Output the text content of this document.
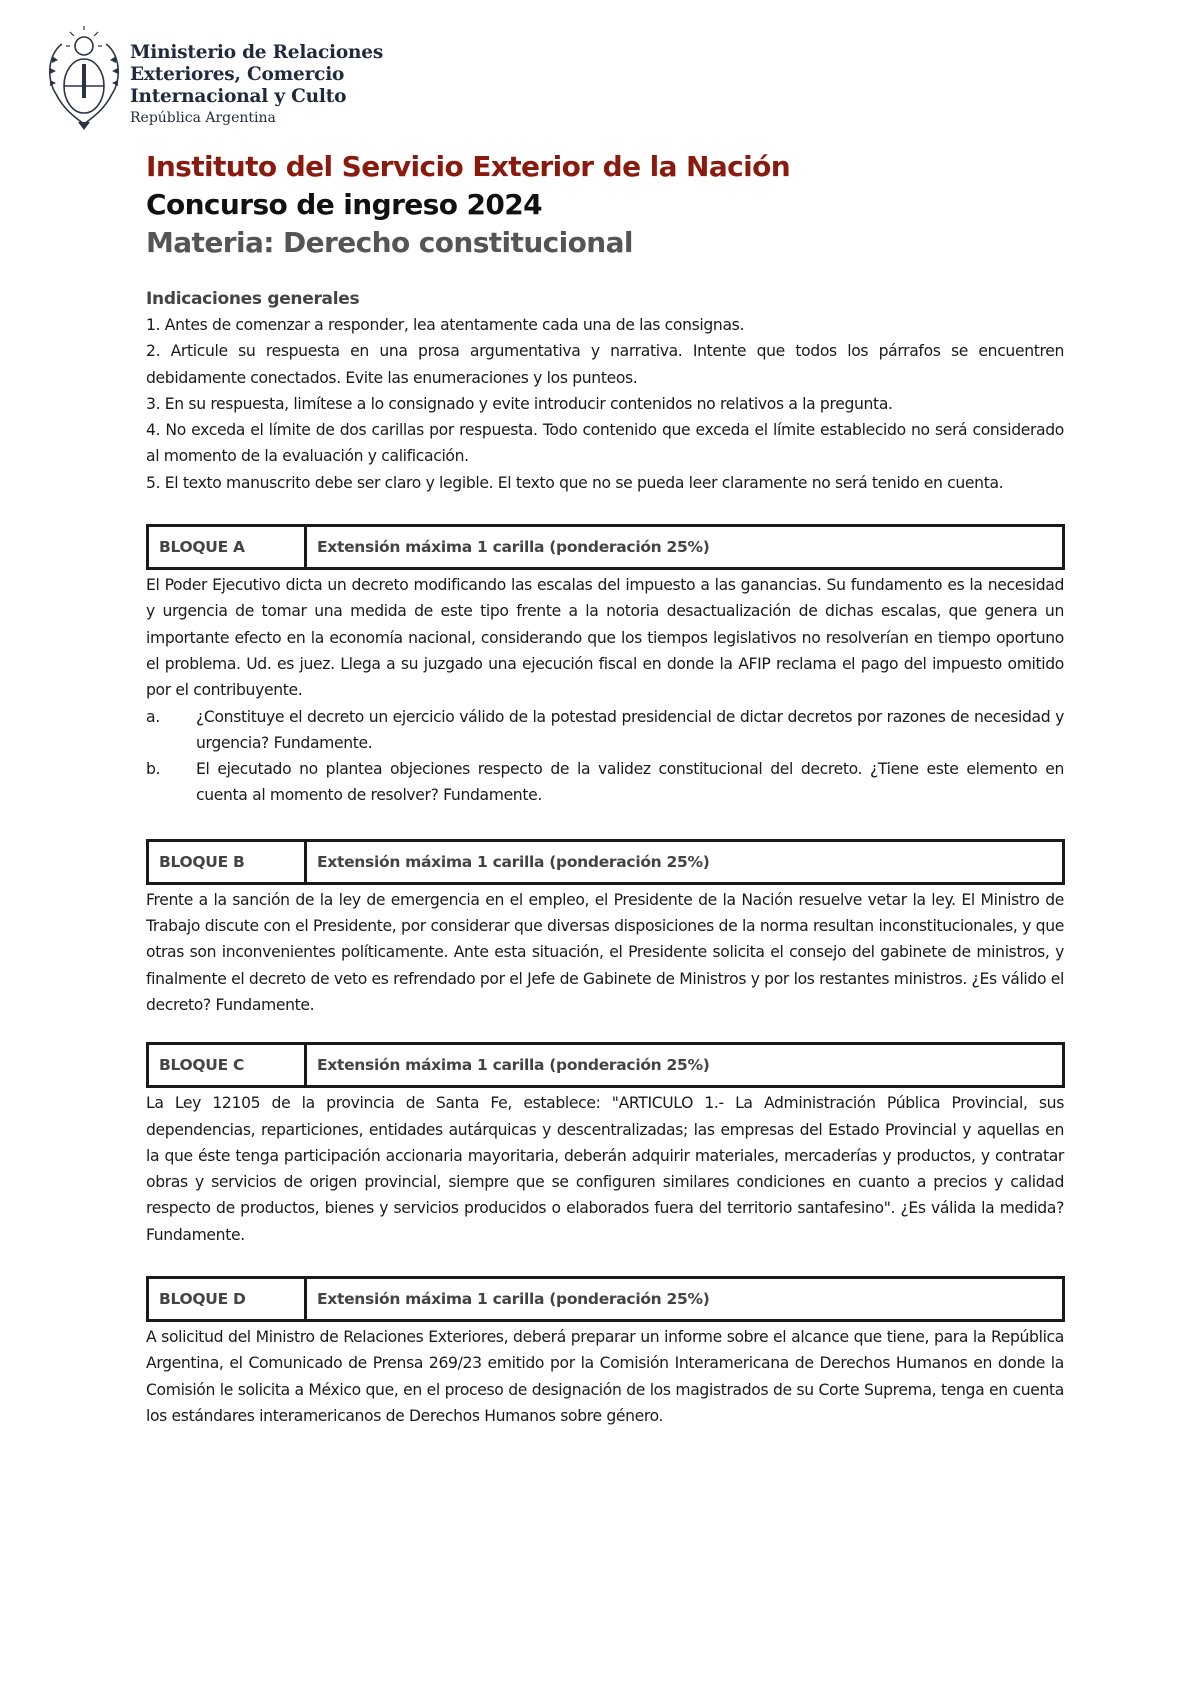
Ministerio de Relaciones
Exteriores, Comercio
Internacional y Culto
República Argentina
Instituto del Servicio Exterior de la Nación
Concurso de ingreso 2024
Materia: Derecho constitucional
Indicaciones generales
1. Antes de comenzar a responder, lea atentamente cada una de las consignas.
2. Articule su respuesta en una prosa argumentativa y narrativa. Intente que todos los párrafos se encuentren debidamente conectados. Evite las enumeraciones y los punteos.
3. En su respuesta, limítese a lo consignado y evite introducir contenidos no relativos a la pregunta.
4. No exceda el límite de dos carillas por respuesta. Todo contenido que exceda el límite establecido no será considerado al momento de la evaluación y calificación.
5. El texto manuscrito debe ser claro y legible. El texto que no se pueda leer claramente no será tenido en cuenta.
BLOQUE A	Extensión máxima 1 carilla (ponderación 25%)
El Poder Ejecutivo dicta un decreto modificando las escalas del impuesto a las ganancias. Su fundamento es la necesidad y urgencia de tomar una medida de este tipo frente a la notoria desactualización de dichas escalas, que genera un importante efecto en la economía nacional, considerando que los tiempos legislativos no resolverían en tiempo oportuno el problema. Ud. es juez. Llega a su juzgado una ejecución fiscal en donde la AFIP reclama el pago del impuesto omitido por el contribuyente.
a.	¿Constituye el decreto un ejercicio válido de la potestad presidencial de dictar decretos por razones de necesidad y urgencia? Fundamente.
b.	El ejecutado no plantea objeciones respecto de la validez constitucional del decreto. ¿Tiene este elemento en cuenta al momento de resolver? Fundamente.
BLOQUE B	Extensión máxima 1 carilla (ponderación 25%)
Frente a la sanción de la ley de emergencia en el empleo, el Presidente de la Nación resuelve vetar la ley. El Ministro de Trabajo discute con el Presidente, por considerar que diversas disposiciones de la norma resultan inconstitucionales, y que otras son inconvenientes políticamente. Ante esta situación, el Presidente solicita el consejo del gabinete de ministros, y finalmente el decreto de veto es refrendado por el Jefe de Gabinete de Ministros y por los restantes ministros. ¿Es válido el decreto? Fundamente.
BLOQUE C	Extensión máxima 1 carilla (ponderación 25%)
La Ley 12105 de la provincia de Santa Fe, establece: "ARTICULO 1.- La Administración Pública Provincial, sus dependencias, reparticiones, entidades autárquicas y descentralizadas; las empresas del Estado Provincial y aquellas en la que éste tenga participación accionaria mayoritaria, deberán adquirir materiales, mercaderías y productos, y contratar obras y servicios de origen provincial, siempre que se configuren similares condiciones en cuanto a precios y calidad respecto de productos, bienes y servicios producidos o elaborados fuera del territorio santafesino". ¿Es válida la medida? Fundamente.
BLOQUE D	Extensión máxima 1 carilla (ponderación 25%)
A solicitud del Ministro de Relaciones Exteriores, deberá preparar un informe sobre el alcance que tiene, para la República Argentina, el Comunicado de Prensa 269/23 emitido por la Comisión Interamericana de Derechos Humanos en donde la Comisión le solicita a México que, en el proceso de designación de los magistrados de su Corte Suprema, tenga en cuenta los estándares interamericanos de Derechos Humanos sobre género.
